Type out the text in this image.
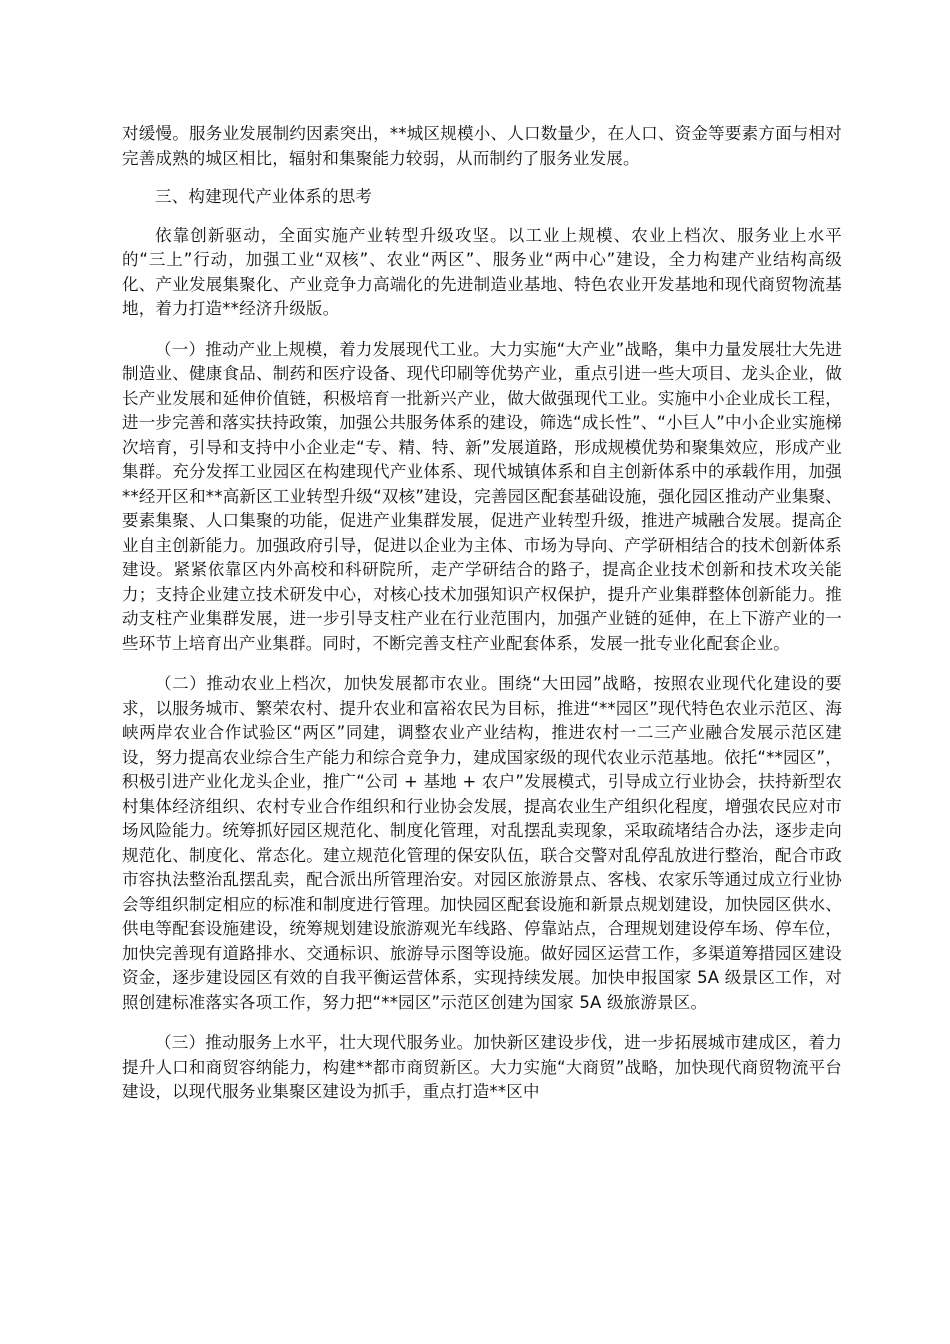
对缓慢。服务业发展制约因素突出，**城区规模小、人口数量少，在人口、资金等要素方面与相对完善成熟的城区相比，辐射和集聚能力较弱，从而制约了服务业发展。

三、构建现代产业体系的思考

依靠创新驱动，全面实施产业转型升级攻坚。以工业上规模、农业上档次、服务业上水平的“三上”行动，加强工业“双核”、农业“两区”、服务业“两中心”建设，全力构建产业结构高级化、产业发展集聚化、产业竞争力高端化的先进制造业基地、特色农业开发基地和现代商贸物流基地，着力打造**经济升级版。

（一）推动产业上规模，着力发展现代工业。大力实施“大产业”战略，集中力量发展壮大先进制造业、健康食品、制药和医疗设备、现代印刷等优势产业，重点引进一些大项目、龙头企业，做长产业发展和延伸价值链，积极培育一批新兴产业，做大做强现代工业。实施中小企业成长工程，进一步完善和落实扶持政策，加强公共服务体系的建设，筛选“成长性”、“小巨人”中小企业实施梯次培育，引导和支持中小企业走“专、精、特、新”发展道路，形成规模优势和聚集效应，形成产业集群。充分发挥工业园区在构建现代产业体系、现代城镇体系和自主创新体系中的承载作用，加强**经开区和**高新区工业转型升级“双核”建设，完善园区配套基础设施，强化园区推动产业集聚、要素集聚、人口集聚的功能，促进产业集群发展，促进产业转型升级，推进产城融合发展。提高企业自主创新能力。加强政府引导，促进以企业为主体、市场为导向、产学研相结合的技术创新体系建设。紧紧依靠区内外高校和科研院所，走产学研结合的路子，提高企业技术创新和技术攻关能力；支持企业建立技术研发中心，对核心技术加强知识产权保护，提升产业集群整体创新能力。推动支柱产业集群发展，进一步引导支柱产业在行业范围内，加强产业链的延伸，在上下游产业的一些环节上培育出产业集群。同时，不断完善支柱产业配套体系，发展一批专业化配套企业。

（二）推动农业上档次，加快发展都市农业。围绕“大田园”战略，按照农业现代化建设的要求，以服务城市、繁荣农村、提升农业和富裕农民为目标，推进“**园区”现代特色农业示范区、海峡两岸农业合作试验区“两区”同建，调整农业产业结构，推进农村一二三产业融合发展示范区建设，努力提高农业综合生产能力和综合竞争力，建成国家级的现代农业示范基地。依托“**园区”，积极引进产业化龙头企业，推广“公司 + 基地 + 农户”发展模式，引导成立行业协会，扶持新型农村集体经济组织、农村专业合作组织和行业协会发展，提高农业生产组织化程度，增强农民应对市场风险能力。统筹抓好园区规范化、制度化管理，对乱摆乱卖现象，采取疏堵结合办法，逐步走向规范化、制度化、常态化。建立规范化管理的保安队伍，联合交警对乱停乱放进行整治，配合市政市容执法整治乱摆乱卖，配合派出所管理治安。对园区旅游景点、客栈、农家乐等通过成立行业协会等组织制定相应的标准和制度进行管理。加快园区配套设施和新景点规划建设，加快园区供水、供电等配套设施建设，统筹规划建设旅游观光车线路、停靠站点，合理规划建设停车场、停车位，加快完善现有道路排水、交通标识、旅游导示图等设施。做好园区运营工作，多渠道筹措园区建设资金，逐步建设园区有效的自我平衡运营体系，实现持续发展。加快申报国家 5A 级景区工作，对照创建标准落实各项工作，努力把“**园区”示范区创建为国家 5A 级旅游景区。

（三）推动服务上水平，壮大现代服务业。加快新区建设步伐，进一步拓展城市建成区，着力提升人口和商贸容纳能力，构建**都市商贸新区。大力实施“大商贸”战略，加快现代商贸物流平台建设，以现代服务业集聚区建设为抓手，重点打造**区中
